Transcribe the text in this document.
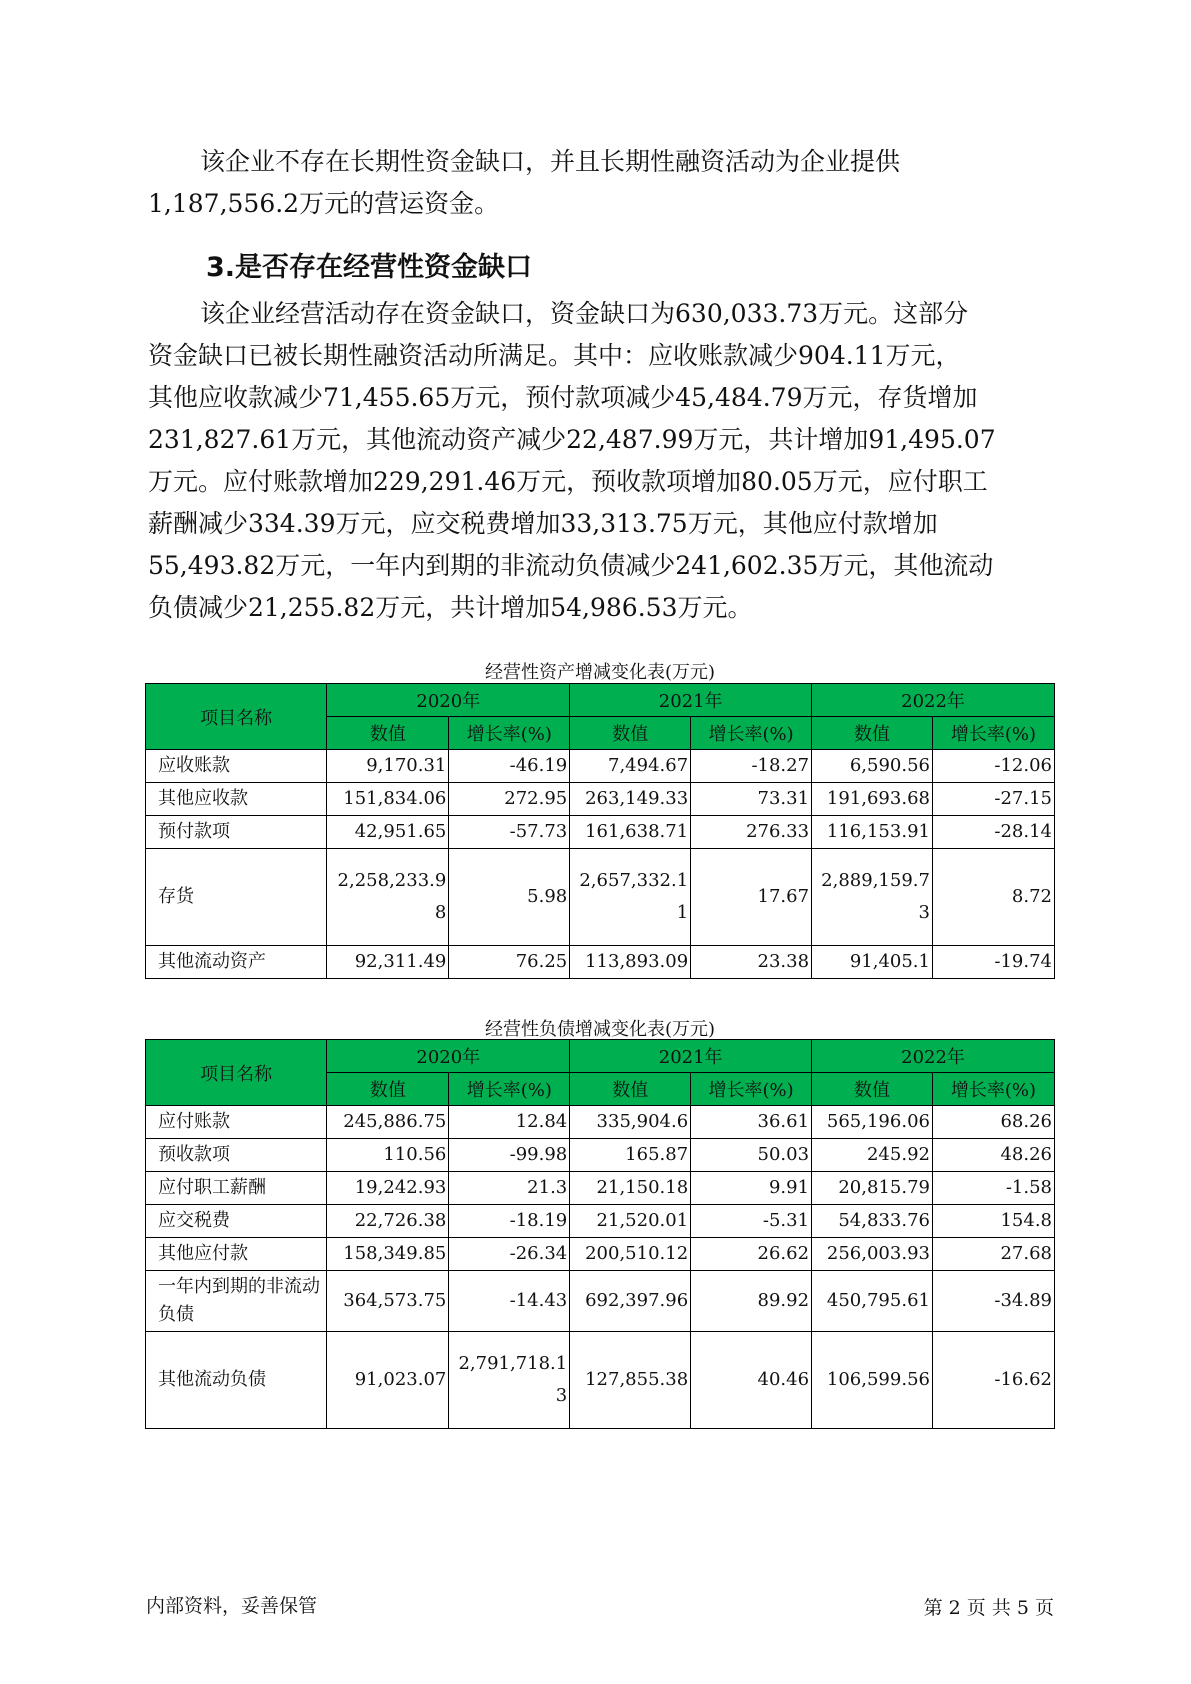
该企业不存在长期性资金缺口，并且长期性融资活动为企业提供
1,187,556.2万元的营运资金。
3.是否存在经营性资金缺口
该企业经营活动存在资金缺口，资金缺口为630,033.73万元。这部分
资金缺口已被长期性融资活动所满足。其中：应收账款减少904.11万元，
其他应收款减少71,455.65万元，预付款项减少45,484.79万元，存货增加
231,827.61万元，其他流动资产减少22,487.99万元，共计增加91,495.07
万元。应付账款增加229,291.46万元，预收款项增加80.05万元，应付职工
薪酬减少334.39万元，应交税费增加33,313.75万元，其他应付款增加
55,493.82万元，一年内到期的非流动负债减少241,602.35万元，其他流动
负债减少21,255.82万元，共计增加54,986.53万元。
经营性资产增减变化表(万元)
项目名称	2020年		2021年		2022年	
	数值	增长率(%)	数值	增长率(%)	数值	增长率(%)
应收账款	9,170.31	-46.19	7,494.67	-18.27	6,590.56	-12.06
其他应收款	151,834.06	272.95	263,149.33	73.31	191,693.68	-27.15
预付款项	42,951.65	-57.73	161,638.71	276.33	116,153.91	-28.14
存货	2,258,233.98	5.98	2,657,332.11	17.67	2,889,159.73	8.72
其他流动资产	92,311.49	76.25	113,893.09	23.38	91,405.1	-19.74
经营性负债增减变化表(万元)
项目名称	2020年		2021年		2022年	
	数值	增长率(%)	数值	增长率(%)	数值	增长率(%)
应付账款	245,886.75	12.84	335,904.6	36.61	565,196.06	68.26
预收款项	110.56	-99.98	165.87	50.03	245.92	48.26
应付职工薪酬	19,242.93	21.3	21,150.18	9.91	20,815.79	-1.58
应交税费	22,726.38	-18.19	21,520.01	-5.31	54,833.76	154.8
其他应付款	158,349.85	-26.34	200,510.12	26.62	256,003.93	27.68
一年内到期的非流动负债	364,573.75	-14.43	692,397.96	89.92	450,795.61	-34.89
其他流动负债	91,023.07	2,791,718.13	127,855.38	40.46	106,599.56	-16.62
内部资料，妥善保管	第 2 页 共 5 页
